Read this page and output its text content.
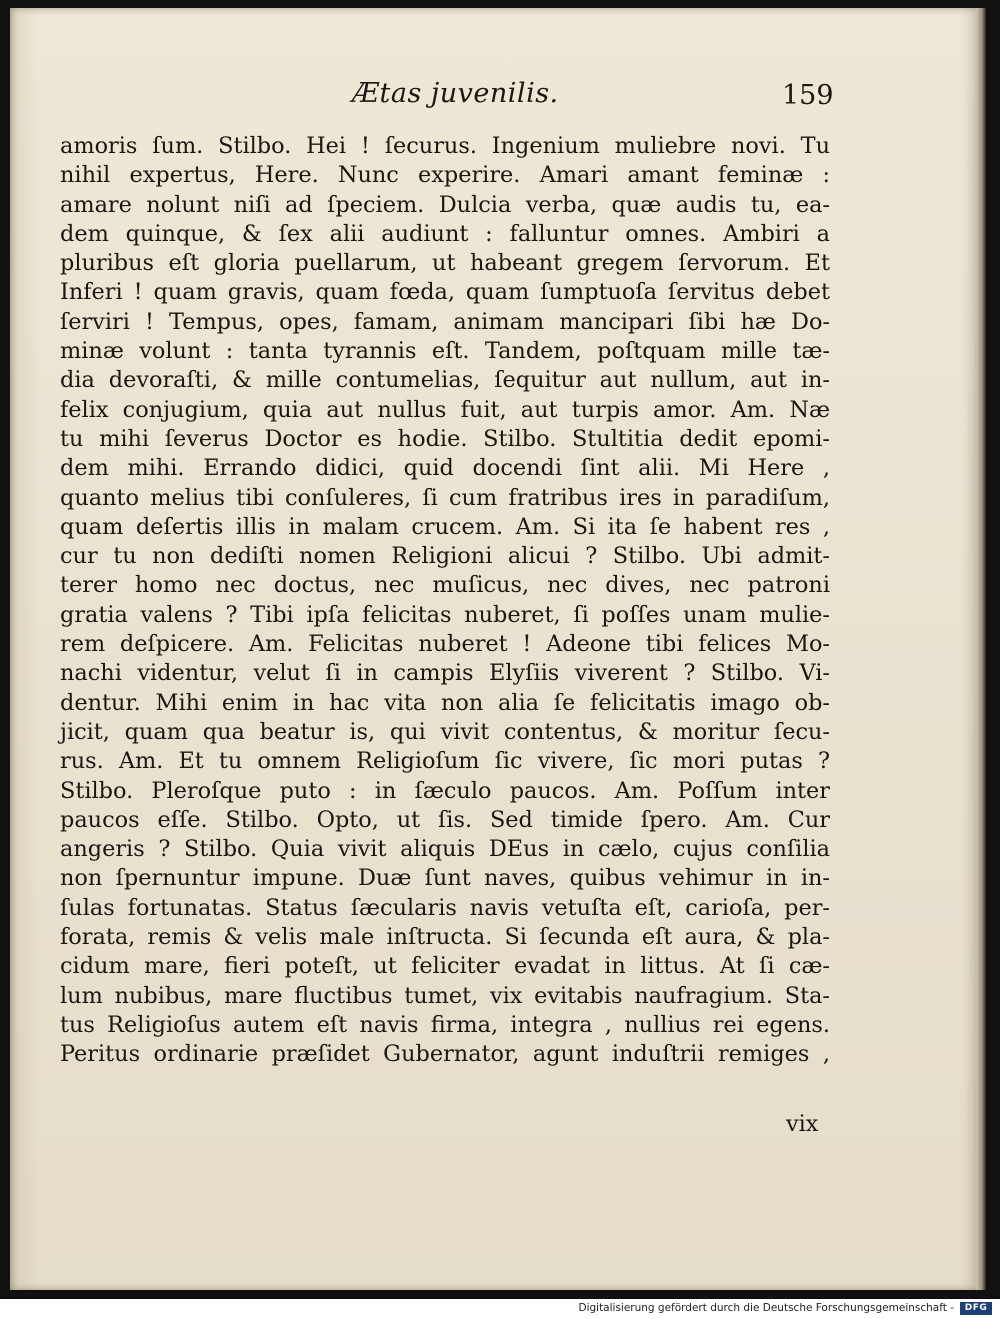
Ætas juvenilis.	159
amoris ſum. Stilbo. Hei ! ſecurus. Ingenium muliebre novi. Tu
nihil expertus, Here. Nunc experire. Amari amant feminæ :
amare nolunt niſi ad ſpeciem. Dulcia verba, quæ audis tu, ea-
dem quinque, & ſex alii audiunt : falluntur omnes. Ambiri a
pluribus eſt gloria puellarum, ut habeant gregem ſervorum. Et
Inferi ! quam gravis, quam fœda, quam ſumptuoſa ſervitus debet
ſerviri ! Tempus, opes, famam, animam mancipari ſibi hæ Do-
minæ volunt : tanta tyrannis eſt. Tandem, poſtquam mille tæ-
dia devoraſti, & mille contumelias, ſequitur aut nullum, aut in-
felix conjugium, quia aut nullus fuit, aut turpis amor. Am. Næ
tu mihi ſeverus Doctor es hodie. Stilbo. Stultitia dedit epomi-
dem mihi. Errando didici, quid docendi ſint alii. Mi Here ,
quanto melius tibi conſuleres, ſi cum fratribus ires in paradiſum,
quam deſertis illis in malam crucem. Am. Si ita ſe habent res ,
cur tu non dediſti nomen Religioni alicui ? Stilbo. Ubi admit-
terer homo nec doctus, nec muſicus, nec dives, nec patroni
gratia valens ? Tibi ipſa felicitas nuberet, ſi poſſes unam mulie-
rem deſpicere. Am. Felicitas nuberet ! Adeone tibi felices Mo-
nachi videntur, velut ſi in campis Elyſiis viverent ? Stilbo. Vi-
dentur. Mihi enim in hac vita non alia ſe felicitatis imago ob-
jicit, quam qua beatur is, qui vivit contentus, & moritur ſecu-
rus. Am. Et tu omnem Religioſum ſic vivere, ſic mori putas ?
Stilbo. Pleroſque puto : in ſæculo paucos. Am. Poſſum inter
paucos eſſe. Stilbo. Opto, ut ſis. Sed timide ſpero. Am. Cur
angeris ? Stilbo. Quia vivit aliquis DEus in cælo, cujus conſilia
non ſpernuntur impune. Duæ ſunt naves, quibus vehimur in in-
ſulas fortunatas. Status ſæcularis navis vetuſta eſt, carioſa, per-
forata, remis & velis male inſtructa. Si ſecunda eſt aura, & pla-
cidum mare, fieri poteſt, ut feliciter evadat in littus. At ſi cæ-
lum nubibus, mare fluctibus tumet, vix evitabis naufragium. Sta-
tus Religioſus autem eſt navis firma, integra , nullius rei egens.
Peritus ordinarie præſidet Gubernator, agunt induſtrii remiges ,
vix
Digitalisierung gefördert durch die Deutsche Forschungsgemeinschaft -	DFG
